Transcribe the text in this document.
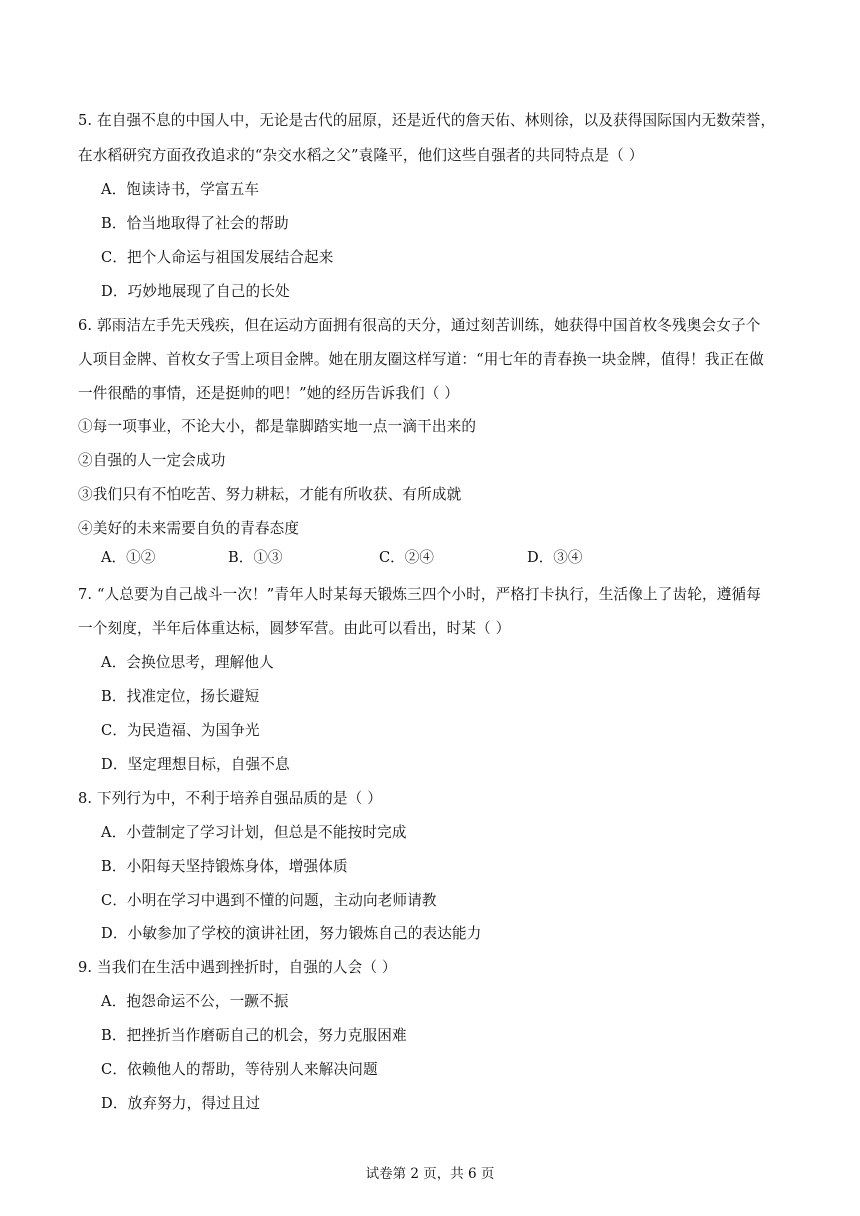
5. 在自强不息的中国人中，无论是古代的屈原，还是近代的詹天佑、林则徐，以及获得国际国内无数荣誉，
在水稻研究方面孜孜追求的“杂交水稻之父”袁隆平，他们这些自强者的共同特点是（ ）
A．饱读诗书，学富五车
B．恰当地取得了社会的帮助
C．把个人命运与祖国发展结合起来
D．巧妙地展现了自己的长处
6. 郭雨洁左手先天残疾，但在运动方面拥有很高的天分，通过刻苦训练，她获得中国首枚冬残奥会女子个
人项目金牌、首枚女子雪上项目金牌。她在朋友圈这样写道：“用七年的青春换一块金牌，值得！我正在做
一件很酷的事情，还是挺帅的吧！”她的经历告诉我们（ ）
①每一项事业，不论大小，都是靠脚踏实地一点一滴干出来的
②自强的人一定会成功
③我们只有不怕吃苦、努力耕耘，才能有所收获、有所成就
④美好的未来需要自负的青春态度
A．①②	B．①③	C．②④	D．③④
7. “人总要为自己战斗一次！”青年人时某每天锻炼三四个小时，严格打卡执行，生活像上了齿轮，遵循每
一个刻度，半年后体重达标，圆梦军营。由此可以看出，时某（ ）
A．会换位思考，理解他人
B．找准定位，扬长避短
C．为民造福、为国争光
D．坚定理想目标，自强不息
8. 下列行为中，不利于培养自强品质的是（ ）
A．小萱制定了学习计划，但总是不能按时完成
B．小阳每天坚持锻炼身体，增强体质
C．小明在学习中遇到不懂的问题，主动向老师请教
D．小敏参加了学校的演讲社团，努力锻炼自己的表达能力
9. 当我们在生活中遇到挫折时，自强的人会（ ）
A．抱怨命运不公，一蹶不振
B．把挫折当作磨砺自己的机会，努力克服困难
C．依赖他人的帮助，等待别人来解决问题
D．放弃努力，得过且过
试卷第 2 页，共 6 页
